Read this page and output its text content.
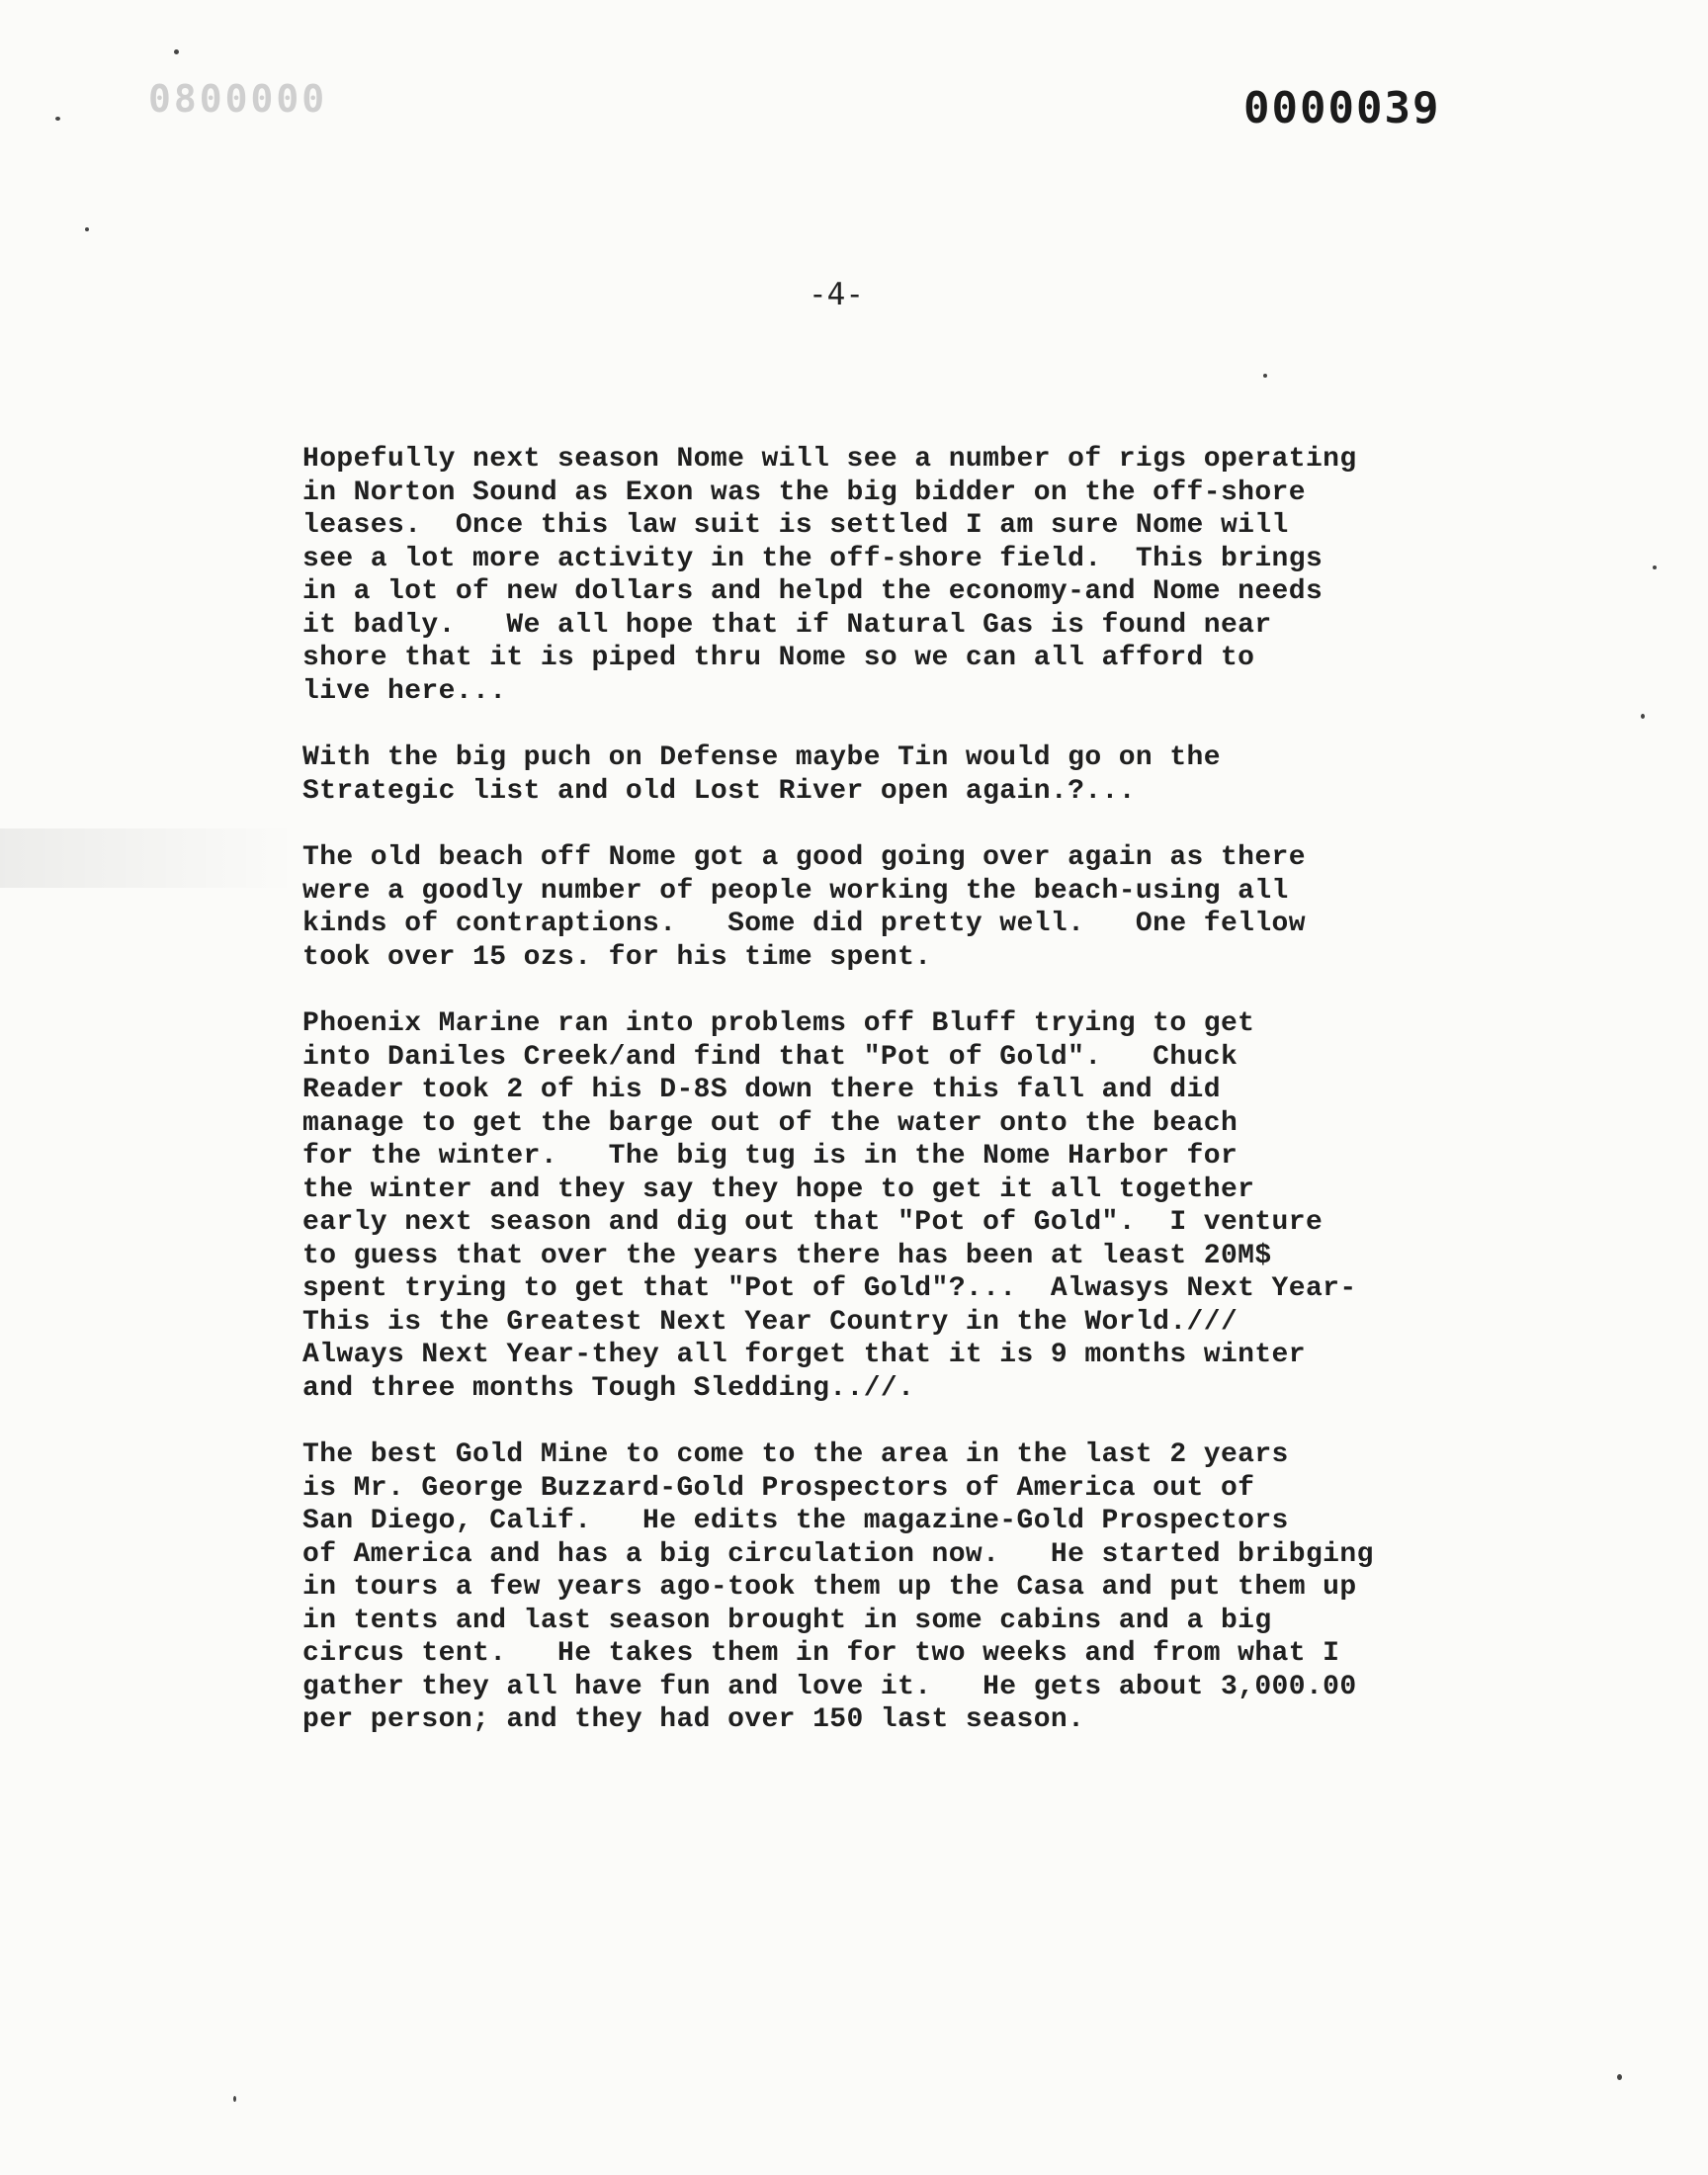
0800000	0000039
-4-
Hopefully next season Nome will see a number of rigs operating
in Norton Sound as Exon was the big bidder on the off-shore
leases.  Once this law suit is settled I am sure Nome will
see a lot more activity in the off-shore field.  This brings
in a lot of new dollars and helpd the economy-and Nome needs
it badly.   We all hope that if Natural Gas is found near
shore that it is piped thru Nome so we can all afford to
live here...
With the big puch on Defense maybe Tin would go on the
Strategic list and old Lost River open again.?...
The old beach off Nome got a good going over again as there
were a goodly number of people working the beach-using all
kinds of contraptions.   Some did pretty well.   One fellow
took over 15 ozs. for his time spent.
Phoenix Marine ran into problems off Bluff trying to get
into Daniles Creek/and find that "Pot of Gold".   Chuck
Reader took 2 of his D-8S down there this fall and did
manage to get the barge out of the water onto the beach
for the winter.   The big tug is in the Nome Harbor for
the winter and they say they hope to get it all together
early next season and dig out that "Pot of Gold".  I venture
to guess that over the years there has been at least 20M$
spent trying to get that "Pot of Gold"?...  Alwasys Next Year-
This is the Greatest Next Year Country in the World.///
Always Next Year-they all forget that it is 9 months winter
and three months Tough Sledding..//.
The best Gold Mine to come to the area in the last 2 years
is Mr. George Buzzard-Gold Prospectors of America out of
San Diego, Calif.   He edits the magazine-Gold Prospectors
of America and has a big circulation now.   He started bribging
in tours a few years ago-took them up the Casa and put them up
in tents and last season brought in some cabins and a big
circus tent.   He takes them in for two weeks and from what I
gather they all have fun and love it.   He gets about 3,000.00
per person; and they had over 150 last season.
